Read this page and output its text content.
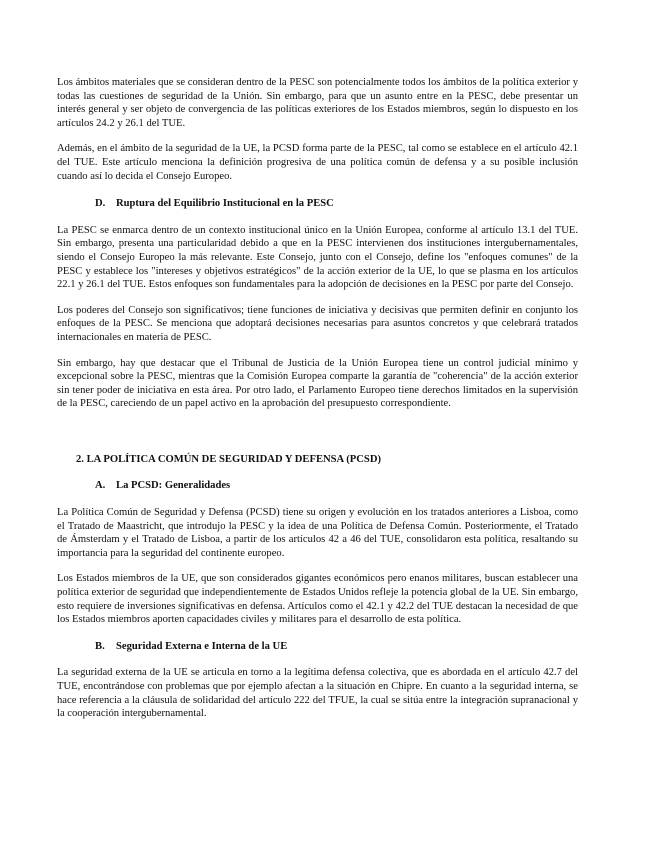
Los ámbitos materiales que se consideran dentro de la PESC son potencialmente todos los ámbitos de la política exterior y todas las cuestiones de seguridad de la Unión. Sin embargo, para que un asunto entre en la PESC, debe presentar un interés general y ser objeto de convergencia de las políticas exteriores de los Estados miembros, según lo dispuesto en los artículos 24.2 y 26.1 del TUE.

Además, en el ámbito de la seguridad de la UE, la PCSD forma parte de la PESC, tal como se establece en el artículo 42.1 del TUE. Este artículo menciona la definición progresiva de una política común de defensa y a su posible inclusión cuando así lo decida el Consejo Europeo.

D. Ruptura del Equilibrio Institucional en la PESC

La PESC se enmarca dentro de un contexto institucional único en la Unión Europea, conforme al artículo 13.1 del TUE. Sin embargo, presenta una particularidad debido a que en la PESC intervienen dos instituciones intergubernamentales, siendo el Consejo Europeo la más relevante. Este Consejo, junto con el Consejo, define los "enfoques comunes" de la PESC y establece los "intereses y objetivos estratégicos" de la acción exterior de la UE, lo que se plasma en los artículos 22.1 y 26.1 del TUE. Estos enfoques son fundamentales para la adopción de decisiones en la PESC por parte del Consejo.

Los poderes del Consejo son significativos; tiene funciones de iniciativa y decisivas que permiten definir en conjunto los enfoques de la PESC. Se menciona que adoptará decisiones necesarias para asuntos concretos y que celebrará tratados internacionales en materia de PESC.

Sin embargo, hay que destacar que el Tribunal de Justicia de la Unión Europea tiene un control judicial mínimo y excepcional sobre la PESC, mientras que la Comisión Europea comparte la garantía de "coherencia" de la acción exterior sin tener poder de iniciativa en esta área. Por otro lado, el Parlamento Europeo tiene derechos limitados en la supervisión de la PESC, careciendo de un papel activo en la aprobación del presupuesto correspondiente.

2. LA POLÍTICA COMÚN DE SEGURIDAD Y DEFENSA (PCSD)
A. La PCSD: Generalidades

La Política Común de Seguridad y Defensa (PCSD) tiene su origen y evolución en los tratados anteriores a Lisboa, como el Tratado de Maastricht, que introdujo la PESC y la idea de una Política de Defensa Común. Posteriormente, el Tratado de Ámsterdam y el Tratado de Lisboa, a partir de los artículos 42 a 46 del TUE, consolidaron esta política, resaltando su importancia para la seguridad del continente europeo.

Los Estados miembros de la UE, que son considerados gigantes económicos pero enanos militares, buscan establecer una política exterior de seguridad que independientemente de Estados Unidos refleje la potencia global de la UE. Sin embargo, esto requiere de inversiones significativas en defensa. Artículos como el 42.1 y 42.2 del TUE destacan la necesidad de que los Estados miembros aporten capacidades civiles y militares para el desarrollo de esta política.

B. Seguridad Externa e Interna de la UE

La seguridad externa de la UE se articula en torno a la legítima defensa colectiva, que es abordada en el artículo 42.7 del TUE, encontrándose con problemas que por ejemplo afectan a la situación en Chipre. En cuanto a la seguridad interna, se hace referencia a la cláusula de solidaridad del artículo 222 del TFUE, la cual se sitúa entre la integración supranacional y la cooperación intergubernamental.
